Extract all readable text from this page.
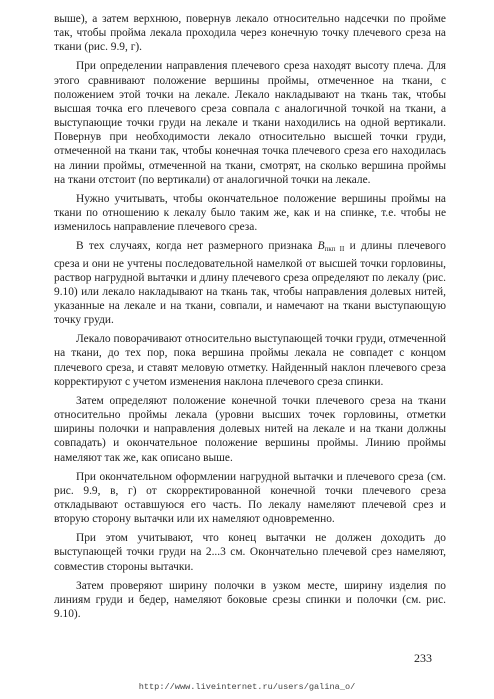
выше), а затем верхнюю, повернув лекало относительно надсечки по пройме так, чтобы пройма лекала проходила через конечную точку плечевого среза на ткани (рис. 9.9, г).

При определении направления плечевого среза находят высоту плеча. Для этого сравнивают положение вершины проймы, отмеченное на ткани, с положением этой точки на лекале. Лекало накладывают на ткань так, чтобы высшая точка его плечевого среза совпала с аналогичной точкой на ткани, а выступающие точки груди на лекале и ткани находились на одной вертикали. Повернув при необходимости лекало относительно высшей точки груди, отмеченной на ткани так, чтобы конечная точка плечевого среза его находилась на линии проймы, отмеченной на ткани, смотрят, на сколько вершина проймы на ткани отстоит (по вертикали) от аналогичной точки на лекале.

Нужно учитывать, чтобы окончательное положение вершины проймы на ткани по отношению к лекалу было таким же, как и на спинке, т.е. чтобы не изменилось направление плечевого среза.

В тех случаях, когда нет размерного признака $В_{пкп II}$ и длины плечевого среза и они не учтены последовательной намелкой от высшей точки горловины, раствор нагрудной вытачки и длину плечевого среза определяют по лекалу (рис. 9.10) или лекало накладывают на ткань так, чтобы направления долевых нитей, указанные на лекале и на ткани, совпали, и намечают на ткани выступающую точку груди.

Лекало поворачивают относительно выступающей точки груди, отмеченной на ткани, до тех пор, пока вершина проймы лекала не совпадет с концом плечевого среза, и ставят меловую отметку. Найденный наклон плечевого среза корректируют с учетом изменения наклона плечевого среза спинки.

Затем определяют положение конечной точки плечевого среза на ткани относительно проймы лекала (уровни высших точек горловины, отметки ширины полочки и направления долевых нитей на лекале и на ткани должны совпадать) и окончательное положение вершины проймы. Линию проймы намеляют так же, как описано выше.

При окончательном оформлении нагрудной вытачки и плечевого среза (см. рис. 9.9, в, г) от скорректированной конечной точки плечевого среза откладывают оставшуюся его часть. По лекалу намеляют плечевой срез и вторую сторону вытачки или их намеляют одновременно.

При этом учитывают, что конец вытачки не должен доходить до выступающей точки груди на 2...3 см. Окончательно плечевой срез намеляют, совместив стороны вытачки.

Затем проверяют ширину полочки в узком месте, ширину изделия по линиям груди и бедер, намеляют боковые срезы спинки и полочки (см. рис. 9.10).

233
http://www.liveinternet.ru/users/galina_o/
